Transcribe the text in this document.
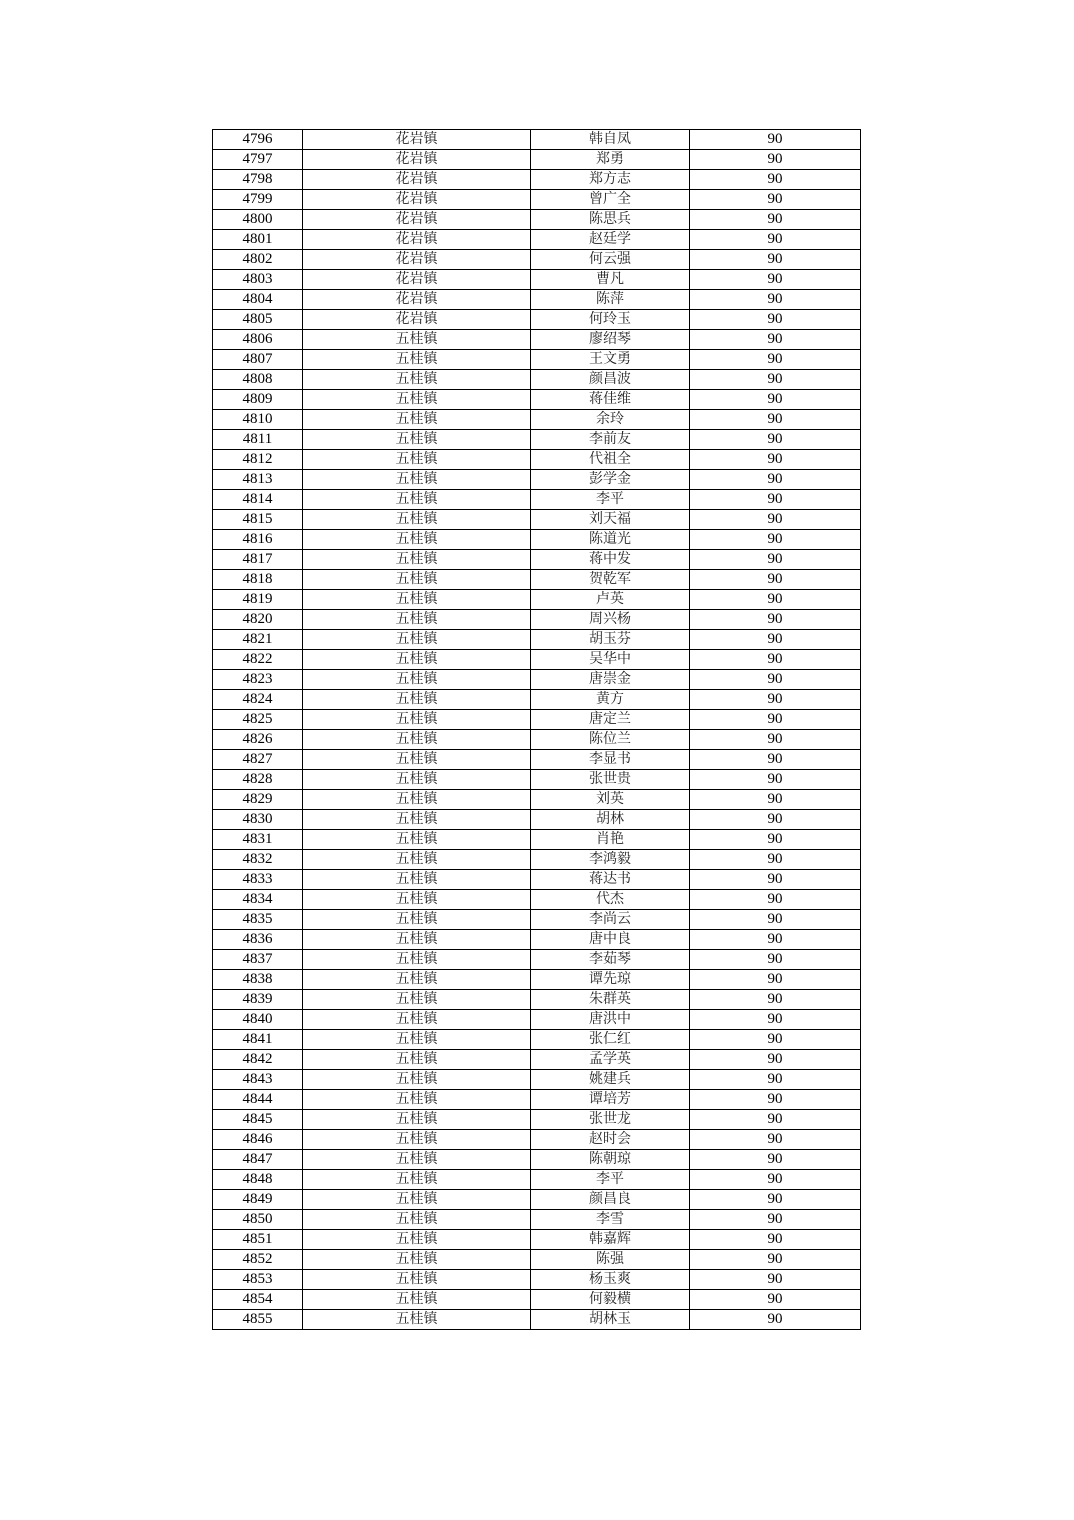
4796	花岩镇	韩自凤	90
4797	花岩镇	郑勇	90
4798	花岩镇	郑方志	90
4799	花岩镇	曾广全	90
4800	花岩镇	陈思兵	90
4801	花岩镇	赵廷学	90
4802	花岩镇	何云强	90
4803	花岩镇	曹凡	90
4804	花岩镇	陈萍	90
4805	花岩镇	何玲玉	90
4806	五桂镇	廖绍琴	90
4807	五桂镇	王文勇	90
4808	五桂镇	颜昌波	90
4809	五桂镇	蒋佳维	90
4810	五桂镇	余玲	90
4811	五桂镇	李前友	90
4812	五桂镇	代祖全	90
4813	五桂镇	彭学金	90
4814	五桂镇	李平	90
4815	五桂镇	刘天福	90
4816	五桂镇	陈道光	90
4817	五桂镇	蒋中发	90
4818	五桂镇	贺乾军	90
4819	五桂镇	卢英	90
4820	五桂镇	周兴杨	90
4821	五桂镇	胡玉芬	90
4822	五桂镇	吴华中	90
4823	五桂镇	唐崇金	90
4824	五桂镇	黄方	90
4825	五桂镇	唐定兰	90
4826	五桂镇	陈位兰	90
4827	五桂镇	李显书	90
4828	五桂镇	张世贵	90
4829	五桂镇	刘英	90
4830	五桂镇	胡林	90
4831	五桂镇	肖艳	90
4832	五桂镇	李鸿毅	90
4833	五桂镇	蒋达书	90
4834	五桂镇	代杰	90
4835	五桂镇	李尚云	90
4836	五桂镇	唐中良	90
4837	五桂镇	李茹琴	90
4838	五桂镇	谭先琼	90
4839	五桂镇	朱群英	90
4840	五桂镇	唐洪中	90
4841	五桂镇	张仁红	90
4842	五桂镇	孟学英	90
4843	五桂镇	姚建兵	90
4844	五桂镇	谭培芳	90
4845	五桂镇	张世龙	90
4846	五桂镇	赵时会	90
4847	五桂镇	陈朝琼	90
4848	五桂镇	李平	90
4849	五桂镇	颜昌良	90
4850	五桂镇	李雪	90
4851	五桂镇	韩嘉辉	90
4852	五桂镇	陈强	90
4853	五桂镇	杨玉爽	90
4854	五桂镇	何毅横	90
4855	五桂镇	胡林玉	90
